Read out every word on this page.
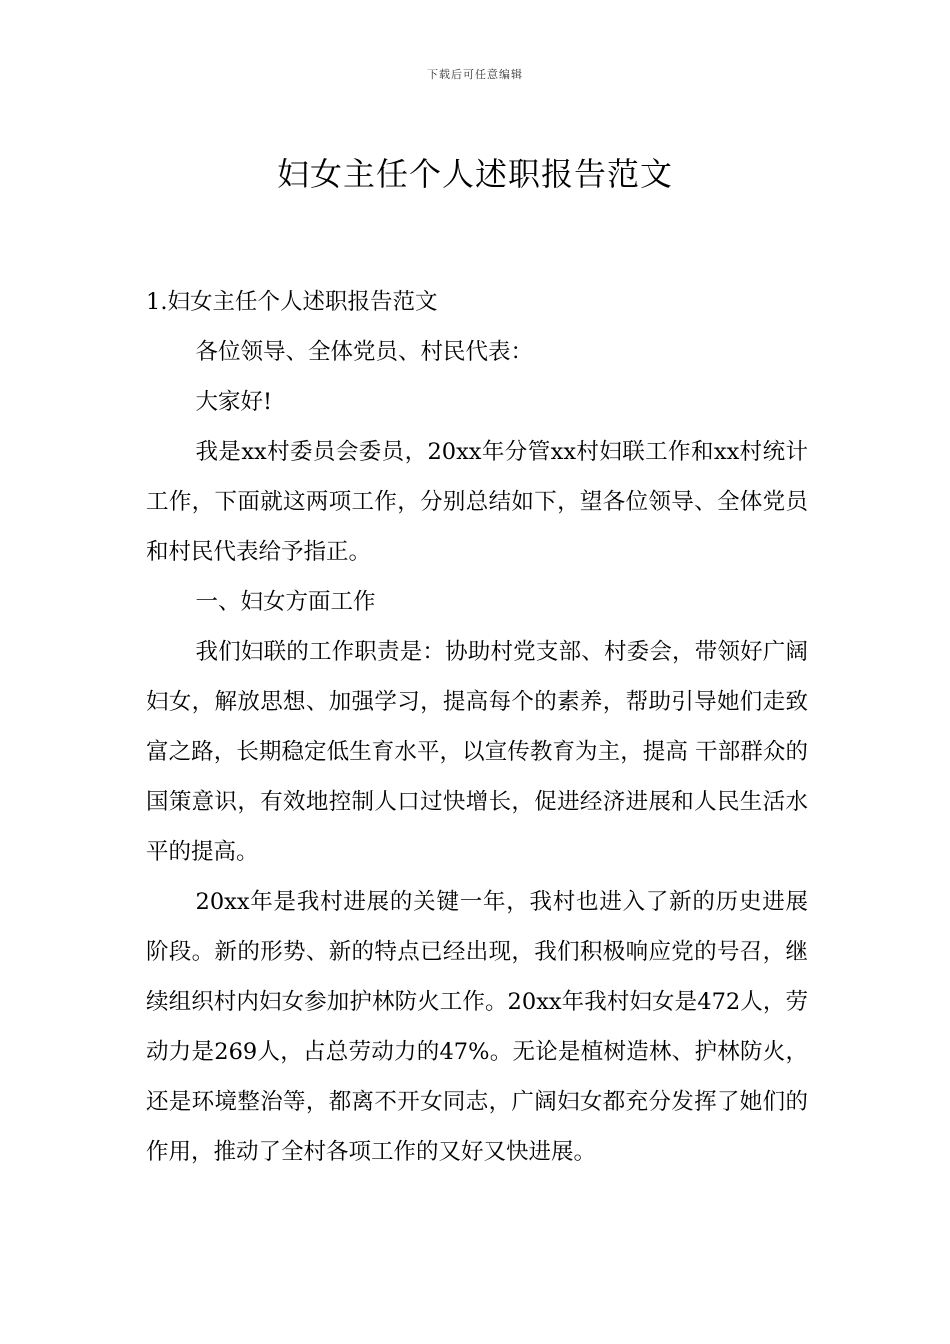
下载后可任意编辑
妇女主任个人述职报告范文

1.妇女主任个人述职报告范文

各位领导、全体党员、村民代表：

大家好!

我是xx村委员会委员，20xx年分管xx村妇联工作和xx村统计工作，下面就这两项工作，分别总结如下，望各位领导、全体党员和村民代表给予指正。

一、妇女方面工作

我们妇联的工作职责是：协助村党支部、村委会，带领好广阔妇女，解放思想、加强学习，提高每个的素养，帮助引导她们走致富之路，长期稳定低生育水平，以宣传教育为主，提高 干部群众的国策意识，有效地控制人口过快增长，促进经济进展和人民生活水平的提高。

20xx年是我村进展的关键一年，我村也进入了新的历史进展阶段。新的形势、新的特点已经出现，我们积极响应党的号召，继续组织村内妇女参加护林防火工作。20xx年我村妇女是472人，劳动力是269人，占总劳动力的47%。无论是植树造林、护林防火，还是环境整治等，都离不开女同志，广阔妇女都充分发挥了她们的作用，推动了全村各项工作的又好又快进展。
